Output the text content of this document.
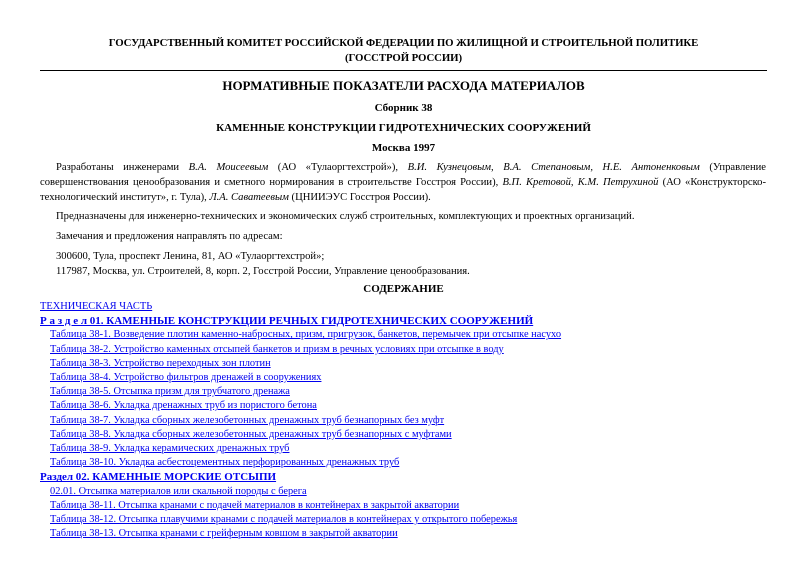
ГОСУДАРСТВЕННЫЙ КОМИТЕТ РОССИЙСКОЙ ФЕДЕРАЦИИ ПО ЖИЛИЩНОЙ И СТРОИТЕЛЬНОЙ ПОЛИТИКЕ
(ГОССТРОЙ РОССИИ)
НОРМАТИВНЫЕ ПОКАЗАТЕЛИ РАСХОДА МАТЕРИАЛОВ
Сборник 38
КАМЕННЫЕ КОНСТРУКЦИИ ГИДРОТЕХНИЧЕСКИХ СООРУЖЕНИЙ
Москва 1997
Разработаны инженерами В.А. Моисеевым (АО «Тулаоргтехстрой»), В.И. Кузнецовым, В.А. Степановым, Н.Е. Антоненковым (Управление совершенствования ценообразования и сметного нормирования в строительстве Госстроя России), В.П. Кретовой, К.М. Петрухиной (АО «Конструкторско-технологический институт», г. Тула), Л.А. Саватеевым (ЦНИИЭУС Госстроя России).
Предназначены для инженерно-технических и экономических служб строительных, комплектующих и проектных организаций.
Замечания и предложения направлять по адресам:
300600, Тула, проспект Ленина, 81, АО «Тулаоргтехстрой»;
117987, Москва, ул. Строителей, 8, корп. 2, Госстрой России, Управление ценообразования.
СОДЕРЖАНИЕ
ТЕХНИЧЕСКАЯ ЧАСТЬ
Р а з д е л 01. КАМЕННЫЕ КОНСТРУКЦИИ РЕЧНЫХ ГИДРОТЕХНИЧЕСКИХ СООРУЖЕНИЙ
Таблица 38-1. Возведение плотин каменно-набросных, призм, пригрузок, банкетов, перемычек при отсыпке насухо
Таблица 38-2. Устройство каменных отсыпей банкетов и призм в речных условиях при отсыпке в воду
Таблица 38-3. Устройство переходных зон плотин
Таблица 38-4. Устройство фильтров дренажей в сооружениях
Таблица 38-5. Отсыпка призм для трубчатого дренажа
Таблица 38-6. Укладка дренажных труб из пористого бетона
Таблица 38-7. Укладка сборных железобетонных дренажных труб безнапорных без муфт
Таблица 38-8. Укладка сборных железобетонных дренажных труб безнапорных с муфтами
Таблица 38-9. Укладка керамических дренажных труб
Таблица 38-10. Укладка асбестоцементных перфорированных дренажных труб
Раздел 02. КАМЕННЫЕ МОРСКИЕ ОТСЫПИ
02.01. Отсыпка материалов или скальной породы с берега
Таблица 38-11. Отсыпка кранами с подачей материалов в контейнерах в закрытой акватории
Таблица 38-12. Отсыпка плавучими кранами с подачей материалов в контейнерах у открытого побережья
Таблица 38-13. Отсыпка кранами с грейферным ковшом в закрытой акватории
